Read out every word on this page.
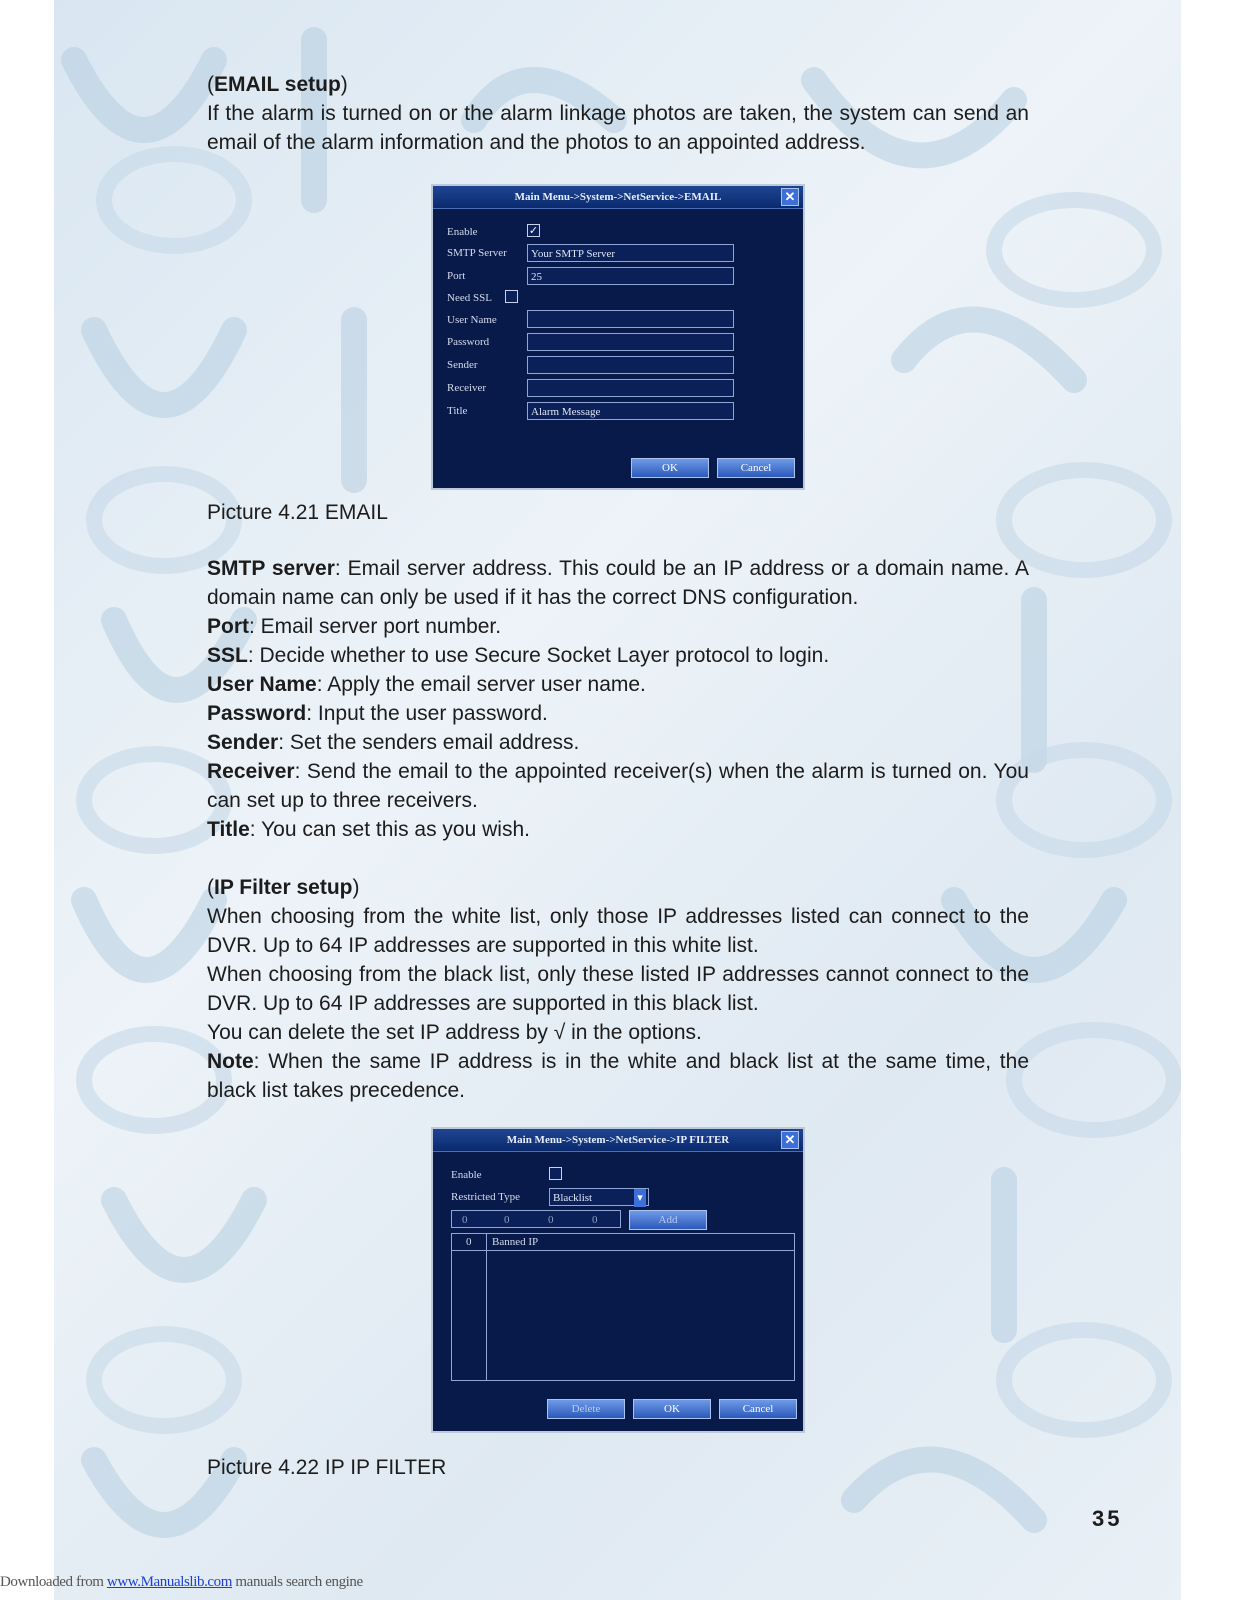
(EMAIL setup)

If the alarm is turned on or the alarm linkage photos are taken, the system can send an email of the alarm information and the photos to an appointed address.

Main Menu->System->NetService->EMAIL	✕
Enable	✓
SMTP Server	Your SMTP Server
Port	25
Need SSL
User Name
Password
Sender
Receiver
Title	Alarm Message
OK	Cancel

Picture 4.21 EMAIL

SMTP server: Email server address. This could be an IP address or a domain name. A domain name can only be used if it has the correct DNS configuration.

Port: Email server port number.

SSL: Decide whether to use Secure Socket Layer protocol to login.

User Name: Apply the email server user name.

Password: Input the user password.

Sender: Set the senders email address.

Receiver: Send the email to the appointed receiver(s) when the alarm is turned on. You can set up to three receivers.

Title: You can set this as you wish.

(IP Filter setup)

When choosing from the white list, only those IP addresses listed can connect to the DVR. Up to 64 IP addresses are supported in this white list.

When choosing from the black list, only these listed IP addresses cannot connect to the DVR. Up to 64 IP addresses are supported in this black list.

You can delete the set IP address by √ in the options.

Note: When the same IP address is in the white and black list at the same time, the black list takes precedence.

Main Menu->System->NetService->IP FILTER	✕
Enable
Restricted Type	Blacklist	▾
0	0	0	0	Add
0 Banned IP
Delete	OK	Cancel

Picture 4.22 IP IP FILTER

35
Downloaded from www.Manualslib.com manuals search engine
